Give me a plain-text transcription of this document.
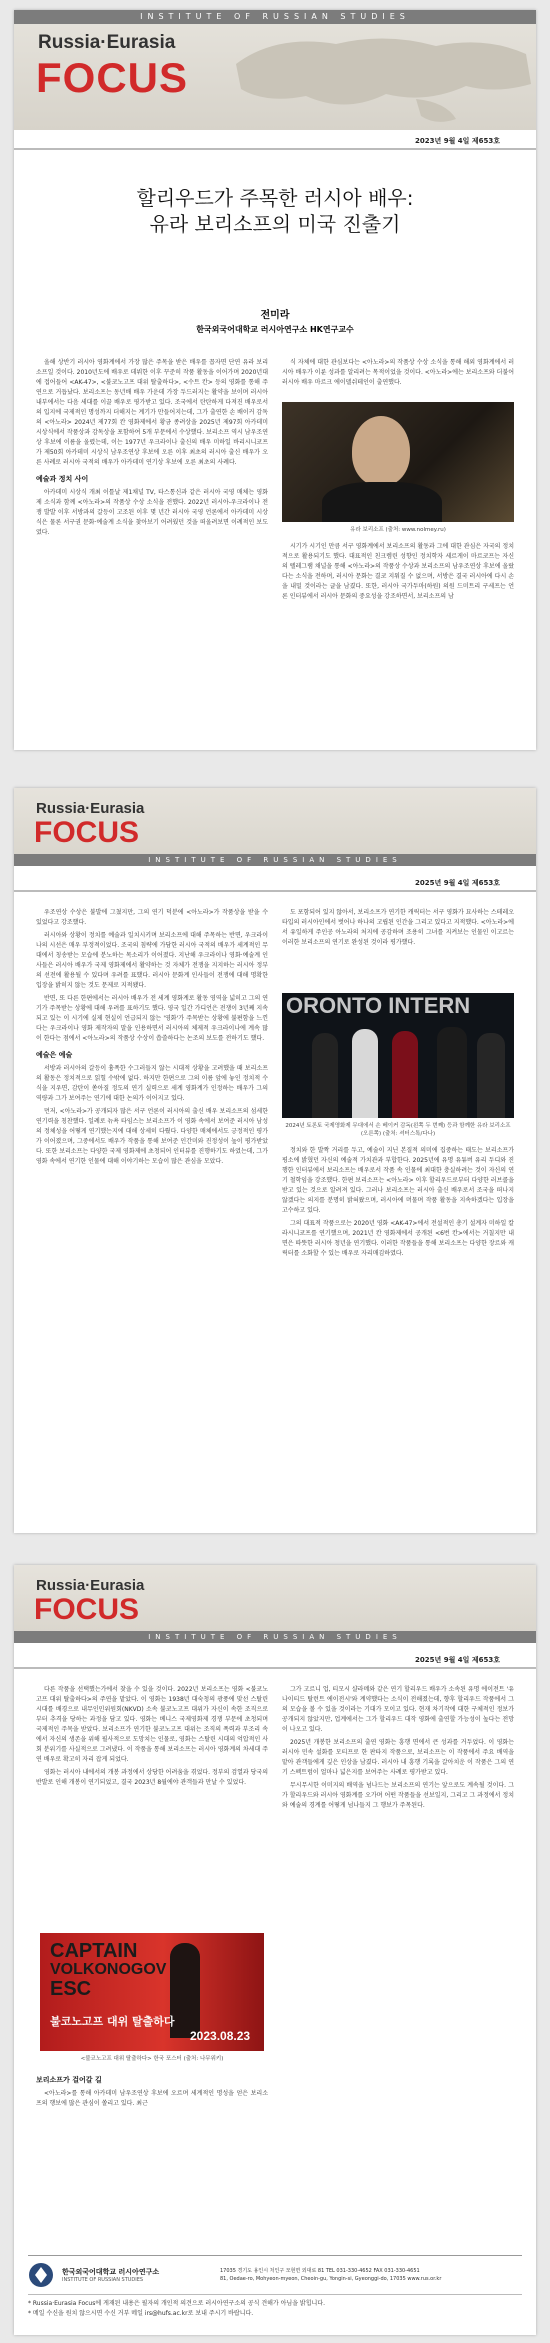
INSTITUTE OF RUSSIAN STUDIES
Russia·Eurasia
FOCUS
2023년 9월 4일 제653호
할리우드가 주목한 러시아 배우:
유라 보리소프의 미국 진출기
전미라
한국외국어대학교 러시아연구소 HK연구교수

올해 상반기 러시아 영화계에서 가장 많은 주목을 받은 배우를 꼽자면 단연 유라 보리소프일 것이다. 2010년도에 배우로 데뷔한 이후 꾸준히 작품 활동을 이어가며 2020년대에 접어들어 <AK-47>, <불코노고프 대위 탈출하다>, <수트 칸> 등의 영화를 통해 주연으로 거듭났다. 보리소프는 동년배 배우 가운데 가장 두드러지는 활약을 보이며 러시아 내부에서는 다음 세대를 이끌 배우로 평가받고 있다. 조국에서 탄탄하게 다져진 배우로서의 입지에 국제적인 명성까지 더해지는 계기가 만들어지는데, 그가 출연한 손 배이커 감독의 <아노라> 2024년 제77회 칸 영화제에서 황금 종려상을 2025년 제97회 아카데미 시상식에서 작품상과 감독상을 포함하여 5개 부문에서 수상했다. 보리소프 역시 남우조연상 후보에 이름을 올렸는데, 이는 1977년 우크라이나 출신의 배우 미하일 바리시니코프가 제50회 아카데미 시상식 남우조연상 후보에 오른 이후 최초의 러시아 출신 배우가 오른 사례로 러시아 국적의 배우가 아카데미 연기상 후보에 오른 최초의 사례다.

예술과 정치 사이

아카데미 시상식 개최 이틀날 제1채널 TV, 타스통신과 같은 러시아 국영 매체는 영화제 소식과 함께 <아노라>의 작품상 수상 소식을 전했다. 2022년 러시아-우크라이나 전쟁 발발 이후 서방과의 갈등이 고조된 이후 몇 년간 러시아 국영 언론에서 아카데미 시상식은 물론 서구권 문화·예술계 소식을 찾아보기 어려웠던 것을 떠올려보면 이례적인 보도였다.

식 자체에 대한 관심보다는 <아노라>의 작품상 수상 소식을 통해 해외 영화계에서 러시아 배우가 이룬 성과를 알리려는 목적이었을 것이다. <아노라>에는 보리소프와 더불어 러시아 배우 마르크 에이델쉬테인이 출연했다.

유라 보리소프 (출처: www.nolmey.ru)

시기가 시기인 만큼 서구 영화계에서 보리소프의 활동과 그에 대한 관심은 자국의 정치적으로 활용되기도 했다. 대표적인 친크렘린 성향인 정치학자 세르게이 마르코프는 자신의 텔레그램 채널을 통해 <아노라>의 작품상 수상과 보리소프의 남우조연상 후보에 올랐다는 소식을 전하며, 러시아 문화는 결코 지워질 수 없으며, 서방은 결국 러시아에 다시 손을 내밀 것이라는 글을 남겼다. 또한, 러시아 국가두마(하원) 의원 드미트리 구세프는 언론 인터뷰에서 러시아 문화의 중요성을 강조하면서, 보리소프의 남

Russia·Eurasia
FOCUS
INSTITUTE OF RUSSIAN STUDIES
2025년 9월 4일 제653호

우조연상 수상은 불발에 그쳤지만, 그의 연기 덕분에 <아노라>가 작품상을 받을 수 있었다고 강조했다.

러시아와 상황이 정치를 예술과 일치시키며 보리소프에 대해 주목하는 반면, 우크라이나의 시선은 매우 부정적이었다. 조국의 침략에 가담한 러시아 국적의 배우가 세계적인 무대에서 칭송받는 모습에 분노하는 목소리가 이어졌다. 지난해 우크라이나 영화·예술계 인사들은 러시아 배우가 국제 영화제에서 활약하는 것 자체가 전쟁을 지지하는 러시아 정부의 선전에 활용될 수 있다며 우려를 표했다. 러시아 문화계 인사들이 전쟁에 대해 명확한 입장을 밝히지 않는 것도 문제로 지적됐다.

반면, 또 다른 한편에서는 러시아 배우가 전 세계 영화계로 활동 영역을 넓히고 그의 연기가 주목받는 상황에 대해 우려를 표하기도 했다. 영국 일간 가디언은 전쟁이 3년째 지속되고 있는 이 시기에 실제 현실이 언급되지 않는 '영화'가 주목받는 상황에 불편함을 느낀다는 우크라이나 영화 제작자의 말을 인용하면서 러시아의 체제적 우크라이나에 계속 많이 한다는 점에서 <아노라>의 작품상 수상이 씁쓸하다는 논조의 보도를 전하기도 했다.

예술은 예술

서방과 러시아의 갈등이 흉폭한 수그러들지 않는 시대적 상황을 고려했을 때 보리소프의 활동은 정치적으로 읽힐 수밖에 없다. 하지만 한편으로 그의 이름 앞에 놓인 정치적 수식을 지우면, 감탄이 쏟아질 정도의 연기 실력으로 세계 영화계가 인정하는 배우가 그의 역량과 그가 보여주는 연기에 대한 논의가 이어지고 있다.

먼저, <아노라>가 공개되자 많은 서구 언론이 러시아의 출신 배우 보리소프의 섬세한 연기력을 칭찬했다. 일례로 뉴욕 타임스는 보리소프가 이 영화 속에서 보여준 러시아 남성의 정체성을 어떻게 연기했는지에 대해 상세히 다뤘다. 다양한 매체에서도 긍정적인 평가가 이어졌으며, 그중에서도 배우가 작품을 통해 보여준 인간미와 진정성이 높이 평가받았다. 또한 보리소프는 다양한 국제 영화제에 초청되어 인터뷰를 진행하기도 하였는데, 그가 영화 속에서 연기한 인물에 대해 이야기하는 모습이 많은 관심을 모았다.

도 포함되어 있지 않아서, 보리소프가 연기한 캐릭터는 서구 영화가 묘사하는 스테레오타입의 러시아인에서 벗어나 하나의 고립된 인간을 그리고 있다고 지적했다. <아노라>에서 유일하게 주인공 아노라의 처지에 공감하며 조용히 그녀를 지켜보는 인물인 이고르는 이러한 보리소프의 연기로 완성된 것이라 평가했다.

ORONTO INTERN
2024년 토론토 국제영화제 무대에서 손 베이커 감독(왼쪽 두 번째) 등과 함께한 유라 보리소프(오른쪽) (출처: 셔터스톡/다나)

정치와 한 발짝 거리를 두고, 예술이 지닌 본질적 의미에 집중하는 태도는 보리소프가 평소에 밝혔던 자신의 예술적 가치관과 부합한다. 2025년에 유명 유튜버 유리 두디와 진행한 인터뷰에서 보리소프는 배우로서 작품 속 인물에 최대한 충실하려는 것이 자신의 연기 철학임을 강조했다. 한편 보리소프는 <아노라> 이후 할리우드로부터 다양한 러브콜을 받고 있는 것으로 알려져 있다. 그러나 보리소프는 러시아 출신 배우로서 조국을 떠나지 않겠다는 의지를 분명히 밝혀왔으며, 러시아에 머물며 작품 활동을 지속하겠다는 입장을 고수하고 있다.

그의 대표적 작품으로는 2020년 영화 <AK-47>에서 전설적인 총기 설계자 미하일 칼라시니코프를 연기했으며, 2021년 칸 영화제에서 공개된 <6번 칸>에서는 거칠지만 내면은 따뜻한 러시아 청년을 연기했다. 이러한 작품들을 통해 보리소프는 다양한 장르와 캐릭터를 소화할 수 있는 배우로 자리매김하였다.

Russia·Eurasia
FOCUS
INSTITUTE OF RUSSIAN STUDIES
2025년 9월 4일 제653호

다른 작품을 선택했는가에서 찾을 수 있을 것이다. 2022년 보리소프는 영화 <불코노고프 대위 탈출하다>의 주연을 맡았다. 이 영화는 1938년 대숙청의 광풍에 맞선 스탈린 시대를 배경으로 내무인민위원회(NKVD) 소속 불코노고프 대위가 자신이 속한 조직으로부터 추격을 당하는 과정을 담고 있다. 영화는 베니스 국제영화제 경쟁 부문에 초청되며 국제적인 주목을 받았다. 보리소프가 연기한 불코노고프 대위는 조직의 폭력과 부조리 속에서 자신의 생존을 위해 필사적으로 도망치는 인물로, 영화는 스탈린 시대의 억압적인 사회 분위기를 사실적으로 그려냈다. 이 작품을 통해 보리소프는 러시아 영화계의 차세대 주연 배우로 확고히 자리 잡게 되었다.

영화는 러시아 내에서의 개봉 과정에서 상당한 어려움을 겪었다. 정부의 검열과 당국의 반발로 인해 개봉이 연기되었고, 결국 2023년 8월에야 관객들과 만날 수 있었다.

CAPTAIN
VOLKONOGOV
ESC
불코노고프 대위 탈출하다
2023.08.23
<불코노고프 대위 탈출하다> 한국 포스터 (출처: 나무위키)
보리소프가 걸어갈 길

<아노라>를 통해 아카데미 남우조연상 후보에 오르며 세계적인 명성을 얻은 보리소프의 행보에 많은 관심이 쏠리고 있다. 최근

그가 고르니 업, 티모시 샬라메와 같은 연기 할리우드 배우가 소속된 유명 에이전트 '유나이티드 탈런트 에이전시'와 계약했다는 소식이 전해졌는데, 향후 할리우드 작품에서 그의 모습을 볼 수 있을 것이라는 기대가 모이고 있다. 현재 차기작에 대한 구체적인 정보가 공개되지 않았지만, 업계에서는 그가 할리우드 대작 영화에 출연할 가능성이 높다는 전망이 나오고 있다.

2025년 개봉한 보리소프의 출연 영화는 흥행 면에서 큰 성과를 거두었다. 이 영화는 러시아 민속 설화를 모티프로 한 판타지 작품으로, 보리소프는 이 작품에서 주요 배역을 맡아 관객들에게 깊은 인상을 남겼다. 러시아 내 흥행 기록을 갈아치운 이 작품은 그의 연기 스펙트럼이 얼마나 넓은지를 보여주는 사례로 평가받고 있다.

무시무시한 이미지의 배역을 넘나드는 보리소프의 연기는 앞으로도 계속될 것이다. 그가 할리우드와 러시아 영화계를 오가며 어떤 작품들을 선보일지, 그리고 그 과정에서 정치와 예술의 경계를 어떻게 넘나들지 그 행보가 주목된다.

한국외국어대학교 러시아연구소
INSTITUTE OF RUSSIAN STUDIES
17035 경기도 용인시 처인구 모현면 외대로 81 TEL 031-330-4652 FAX 031-330-4651
81, Oedae-ro, Mohyeon-myeon, Cheoin-gu, Yongin-si, Gyeonggi-do, 17035 www.rus.or.kr
* Russia·Eurasia Focus에 게재된 내용은 필자의 개인적 의견으로 러시아연구소의 공식 견해가 아님을 밝힙니다.
* 메일 수신을 원치 않으시면 수신 거부 메일 irs@hufs.ac.kr로 보내 주시기 바랍니다.
